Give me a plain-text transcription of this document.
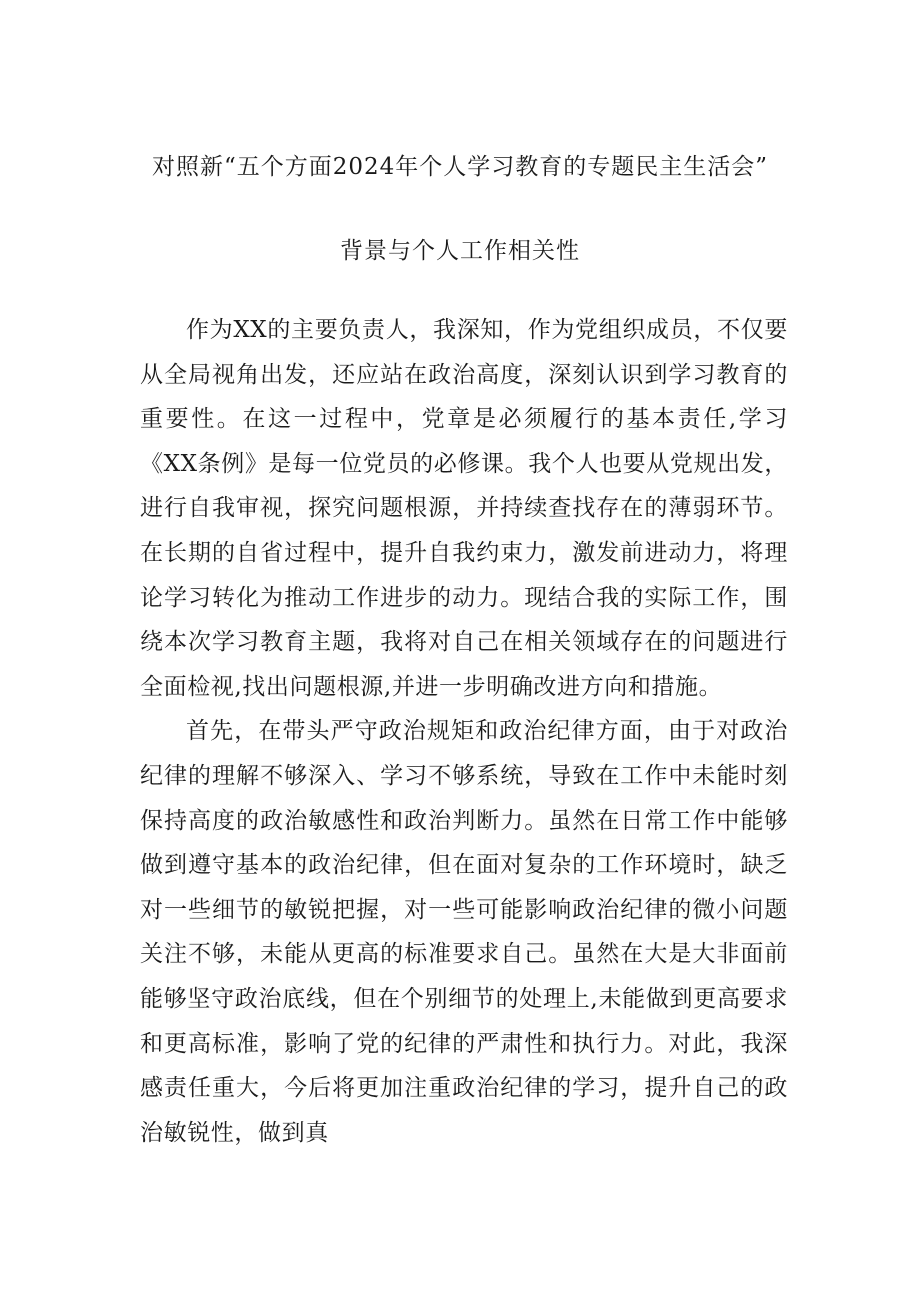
对照新“五个方面2024年个人学习教育的专题民主生活会”
背景与个人工作相关性

作为XX的主要负责人，我深知，作为党组织成员，不仅要从全局视角出发，还应站在政治高度，深刻认识到学习教育的重要性。在这一过程中，党章是必须履行的基本责任,学习《XX条例》是每一位党员的必修课。我个人也要从党规出发，进行自我审视，探究问题根源，并持续查找存在的薄弱环节。在长期的自省过程中，提升自我约束力，激发前进动力，将理论学习转化为推动工作进步的动力。现结合我的实际工作，围绕本次学习教育主题，我将对自己在相关领域存在的问题进行全面检视,找出问题根源,并进一步明确改进方向和措施。

首先，在带头严守政治规矩和政治纪律方面，由于对政治纪律的理解不够深入、学习不够系统，导致在工作中未能时刻保持高度的政治敏感性和政治判断力。虽然在日常工作中能够做到遵守基本的政治纪律，但在面对复杂的工作环境时，缺乏对一些细节的敏锐把握，对一些可能影响政治纪律的微小问题关注不够，未能从更高的标准要求自己。虽然在大是大非面前能够坚守政治底线，但在个别细节的处理上,未能做到更高要求和更高标准，影响了党的纪律的严肃性和执行力。对此，我深感责任重大，今后将更加注重政治纪律的学习，提升自己的政治敏锐性，做到真
